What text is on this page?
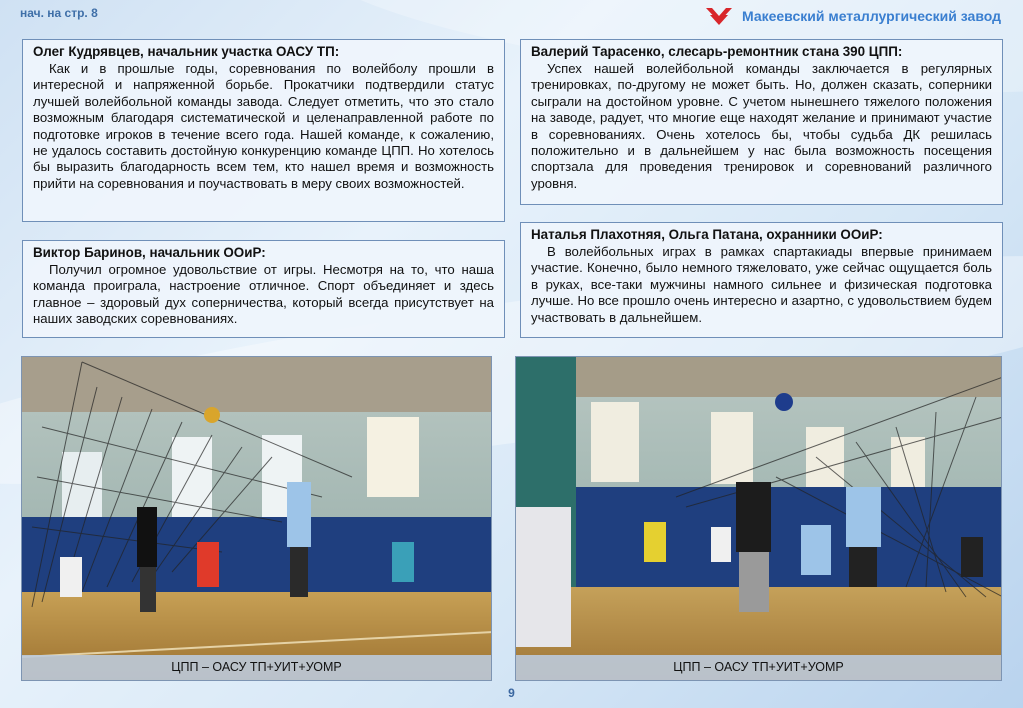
нач. на стр. 8	Макеевский металлургический завод
Олег Кудрявцев, начальник участка ОАСУ ТП:

Как и в прошлые годы, соревнования по волейболу прошли в интересной и напряженной борьбе. Прокатчики подтвердили статус лучшей волейбольной команды завода. Следует отметить, что это стало возможным благодаря систематической и целенаправленной работе по подготовке игроков в течение всего года. Нашей команде, к сожалению, не удалось составить достойную конкуренцию команде ЦПП. Но хотелось бы выразить благодарность всем тем, кто нашел время и возможность прийти на соревнования и поучаствовать в меру своих возможностей.

Виктор Баринов, начальник ООиР:

Получил огромное удовольствие от игры. Несмотря на то, что наша команда проиграла, настроение отличное. Спорт объединяет и здесь главное – здоровый дух соперничества, который всегда присутствует на наших заводских соревнованиях.

Валерий Тарасенко, слесарь-ремонтник стана 390 ЦПП:

Успех нашей волейбольной команды заключается в регулярных тренировках, по-другому не может быть. Но, должен сказать, соперники сыграли на достойном уровне. С учетом нынешнего тяжелого положения на заводе, радует, что многие еще находят желание и принимают участие в соревнованиях. Очень хотелось бы, чтобы судьба ДК решилась положительно и в дальнейшем у нас была возможность посещения спортзала для проведения тренировок и соревнований различного уровня.

Наталья Плахотняя, Ольга Патана, охранники ООиР:

В волейбольных играх в рамках спартакиады впервые принимаем участие. Конечно, было немного тяжеловато, уже сейчас ощущается боль в руках, все-таки мужчины намного сильнее и физическая подготовка лучше. Но все прошло очень интересно и азартно, с удовольствием будем участвовать в дальнейшем.

ЦПП – ОАСУ ТП+УИТ+УОМР	ЦПП – ОАСУ ТП+УИТ+УОМР
9
